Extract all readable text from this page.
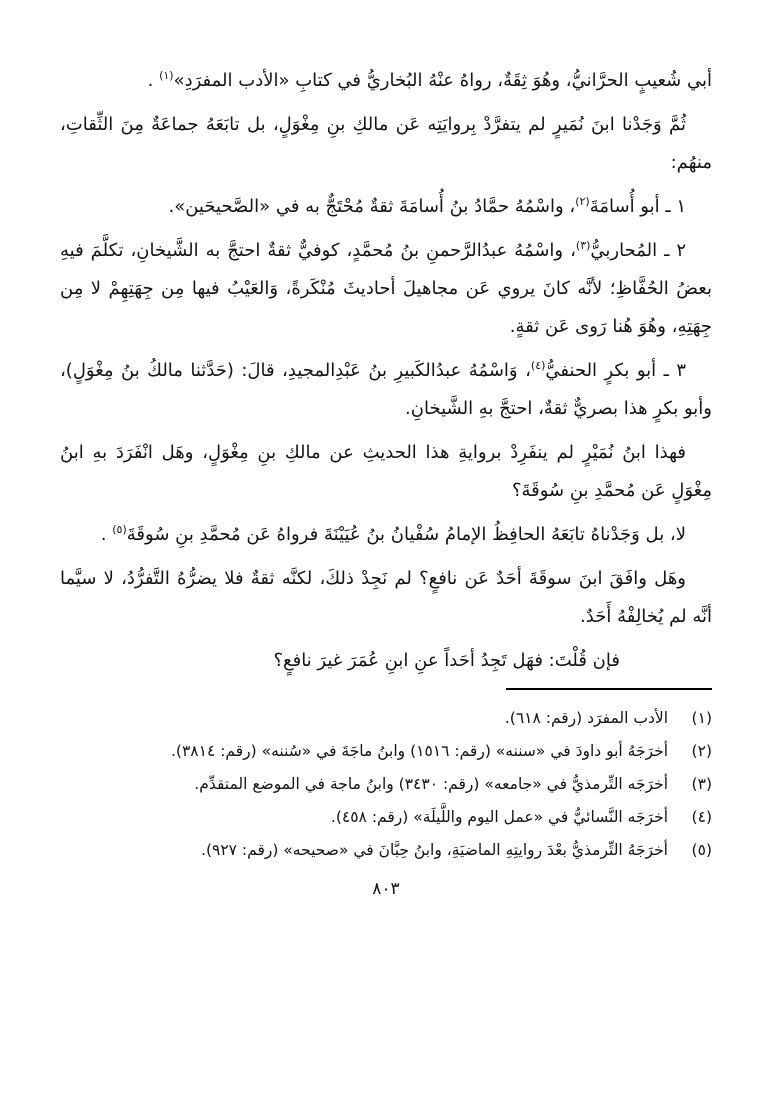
أبي شُعيبٍ الحرَّانيُّ، وهُوَ ثِقَةٌ، رواهُ عنْهُ البُخاريُّ في كتابِ «الأدب المفرَدِ»$^{(١)}$ .

ثُمَّ وَجَدْنا ابنَ نُمَيرٍ لم يتفرَّدْ بِروايَتِه عَن مالكِ بنِ مِغْوَلٍ، بل تابَعَهُ جماعَةٌ مِنَ الثِّقاتِ، منهُم:

١ ـ أبو أُسامَةَ$^{(٢)}$، واسْمُهُ حمَّادُ بنُ أُسامَةَ ثقةٌ مُحْتَجٌّ به في «الصَّحيحَين».

٢ ـ المُحاربيُّ$^{(٣)}$، واسْمُهُ عبدُالرَّحمنِ بنُ مُحمَّدٍ، كوفيٌّ ثقةٌ احتجَّ به الشَّيخانِ، تكلَّمَ فيهِ بعضُ الحُفَّاظِ؛ لأنَّه كانَ يروي عَن مجاهيلَ أحاديثَ مُنْكَرةً، وَالعَيْبُ فيها مِن جِهَتِهِمْ لا مِن جِهَتِهِ، وهُوَ هُنا رَوى عَن ثقةٍ.

٣ ـ أبو بكرٍ الحنفيُّ$^{(٤)}$، وَاسْمُهُ عبدُالكَبيرِ بنُ عَبْدِالمجيدِ، قالَ: (حَدَّثنا مالكُ بنُ مِغْوَلٍ)، وأبو بكرٍ هذا بصريٌّ ثقةٌ، احتجَّ بهِ الشَّيخانِ.

فهذا ابنُ نُمَيْرٍ لم ينفَرِدْ بروايةِ هذا الحديثِ عن مالكِ بنِ مِغْوَلٍ، وهَل انْفَرَدَ بهِ ابنُ مِغْوَلٍ عَن مُحمَّدِ بنِ سُوقَةَ؟

لا، بل وَجَدْناهُ تابَعَهُ الحافِظُ الإمامُ سُفْيانُ بنُ عُيَيْنَةَ فرواهُ عَن مُحمَّدِ بنِ سُوقَةَ$^{(٥)}$ .

وهَل وافَقَ ابنَ سوقَةَ أحَدٌ عَن نافعٍ؟ لم نَجِدْ ذلكَ، لكنَّه ثقةٌ فلا يضرُّهُ التَّفرُّدُ، لا سيَّما أنَّه لم يُخالِفْهُ أَحَدٌ.

فإن قُلْتَ: فهَل تَجِدُ أحَداً عنِ ابنِ عُمَرَ غيرَ نافعٍ؟

(١)
الأدب المفرَد (رقم: ٦١٨).
(٢)
أخرَجَهُ أبو داودَ في «سننه» (رقم: ١٥١٦) وابنُ ماجَةَ في «سُننه» (رقم: ٣٨١٤).
(٣)
أخرَجَه التِّرمذيُّ في «جامعه» (رقم: ٣٤٣٠) وابنُ ماجة في الموضع المتقدِّم.
(٤)
أخرَجَه النَّسائيُّ في «عمل اليوم واللَّيلَة» (رقم: ٤٥٨).
(٥)
أخرَجَهُ التِّرمذيُّ بعْدَ روايتِهِ الماضيَةِ، وابنُ حِبَّانَ في «صحيحه» (رقم: ٩٢٧).
٨٠٣
